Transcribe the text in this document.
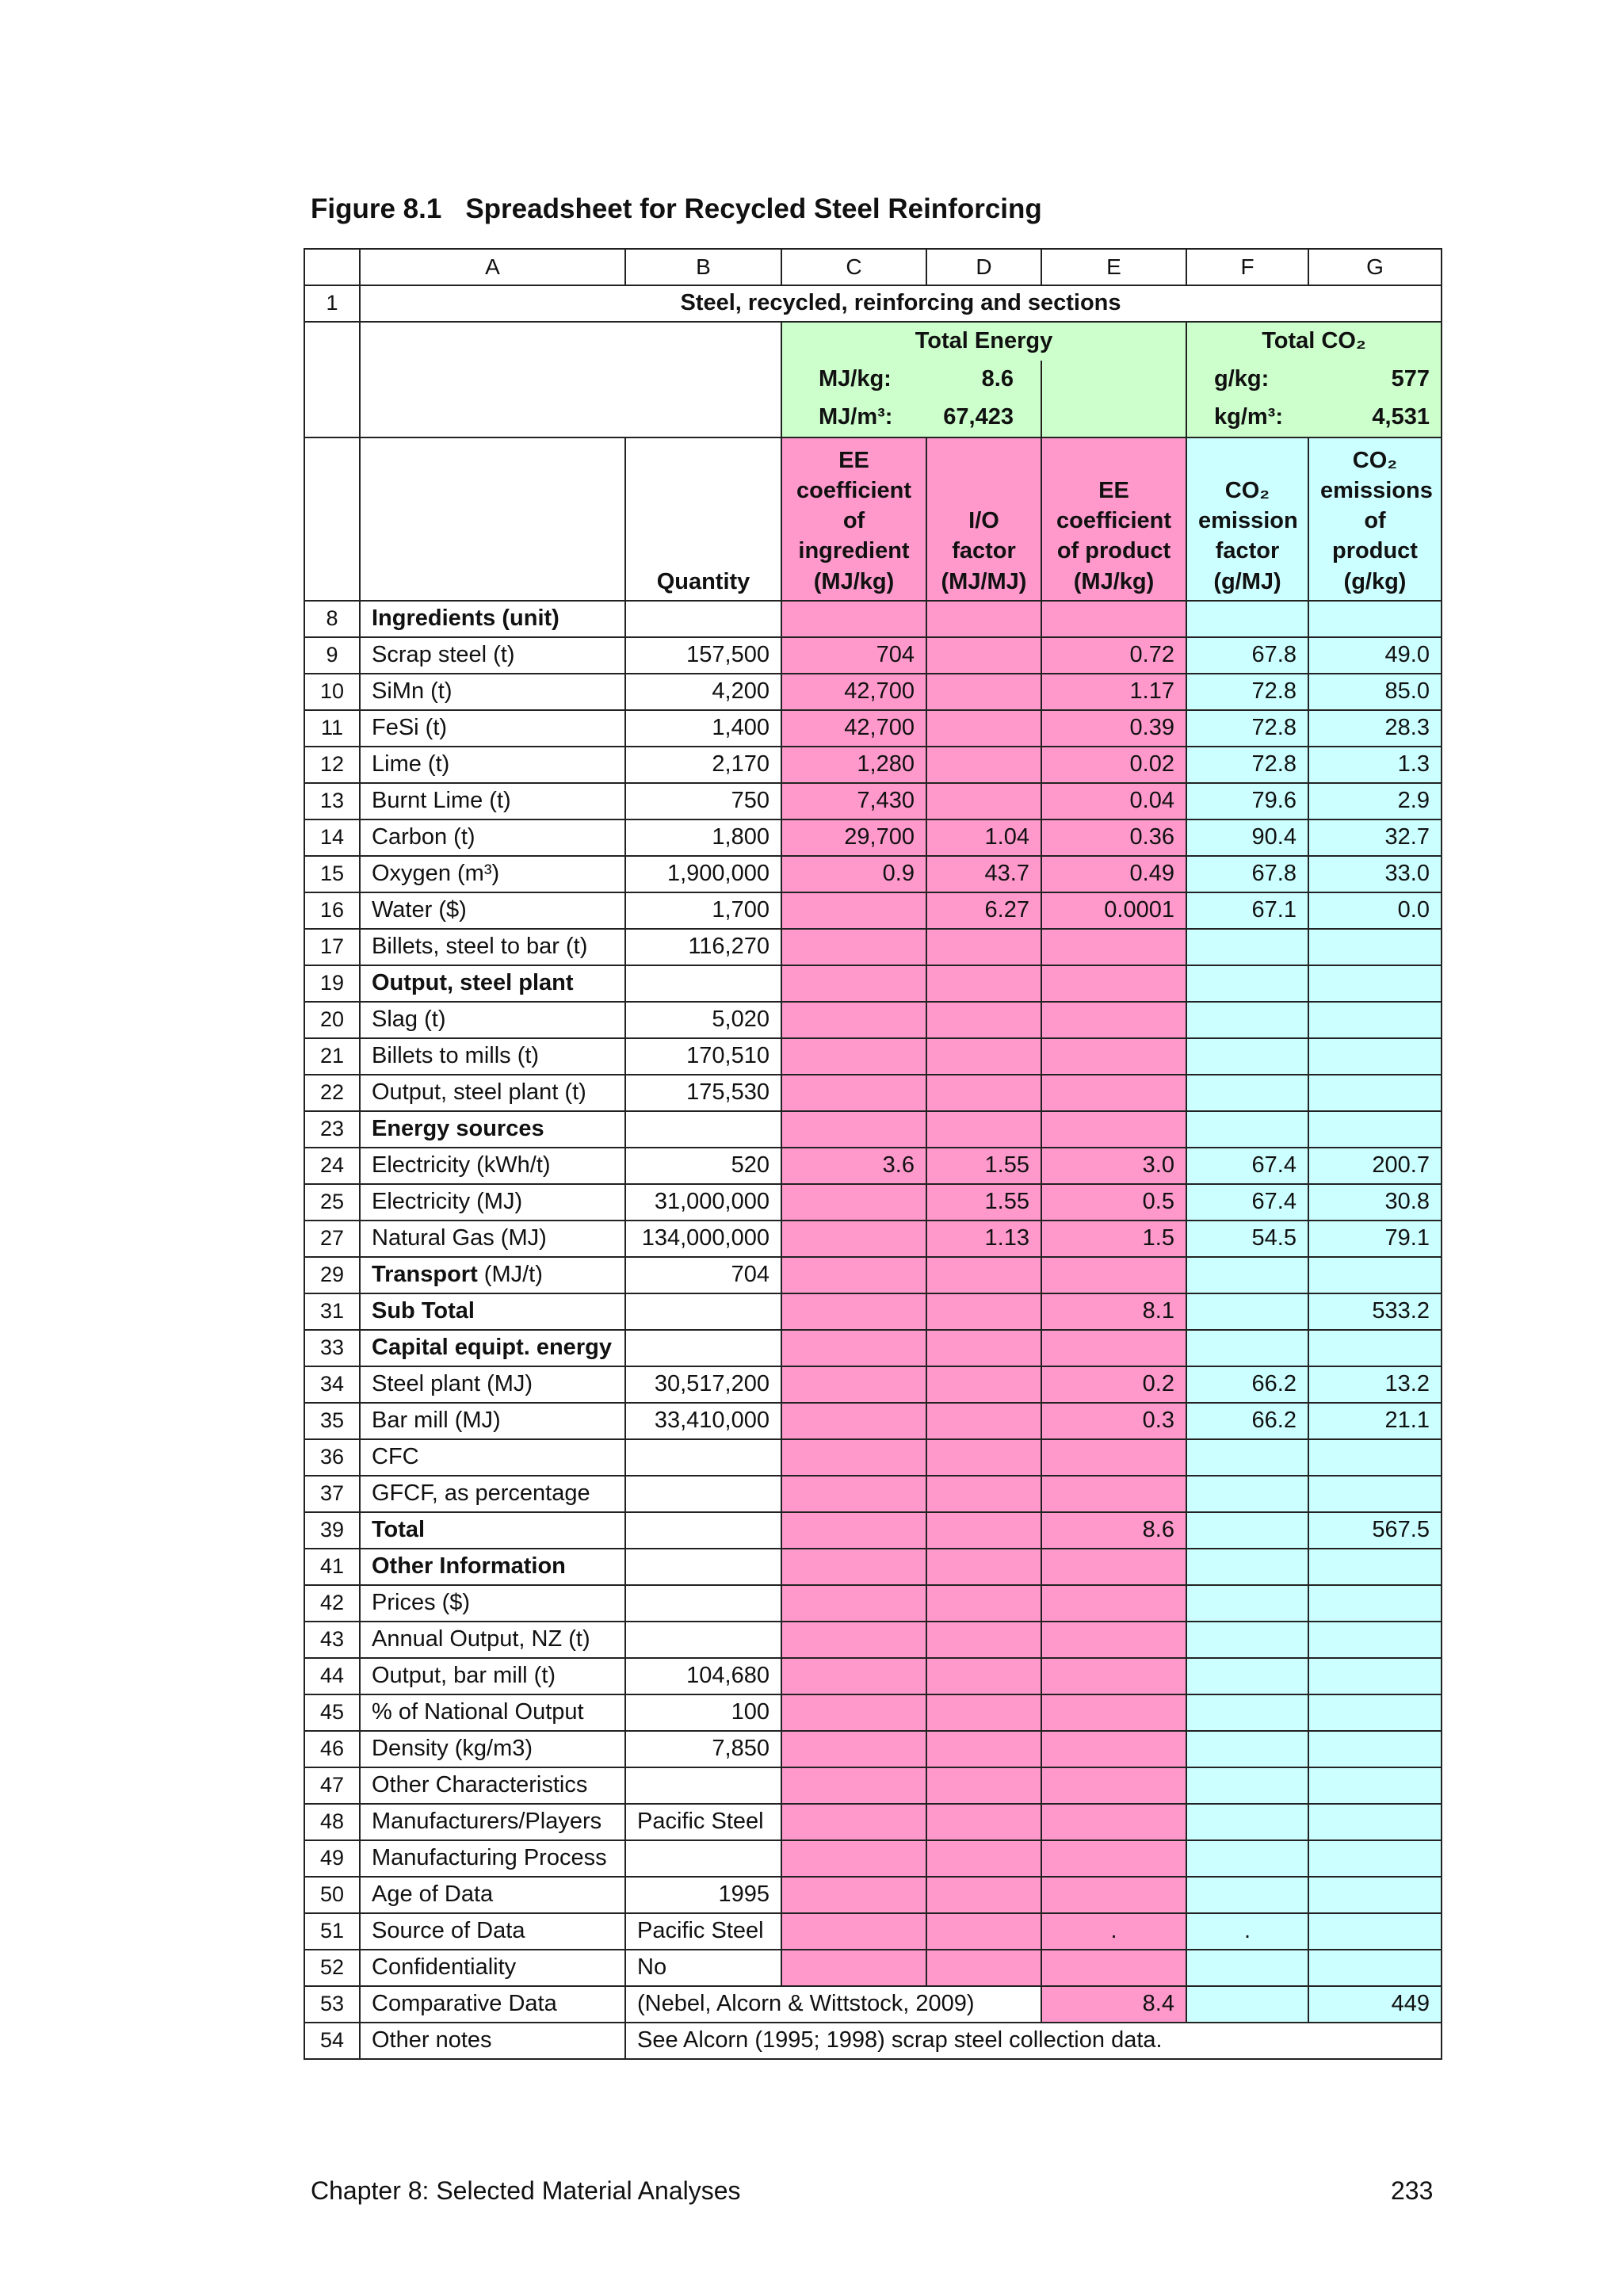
Figure 8.1 Spreadsheet for Recycled Steel Reinforcing
	A	B	C	D	E	F	G
1	Steel, recycled, reinforcing and sections						
			Total Energy			Total CO₂	

			MJ/kg: 8.6			g/kg: 577	

			MJ/m³: 67,423			kg/m³: 4,531	

		Quantity	EE coefficient of ingredient (MJ/kg)	I/O factor (MJ/MJ)	EE coefficient of product (MJ/kg)	CO₂ emission factor (g/MJ)	CO₂ emissions of product (g/kg)
8	Ingredients (unit)						
9	Scrap steel (t)	157,500	704		0.72	67.8	49.0
10	SiMn (t)	4,200	42,700		1.17	72.8	85.0
11	FeSi (t)	1,400	42,700		0.39	72.8	28.3
12	Lime (t)	2,170	1,280		0.02	72.8	1.3
13	Burnt Lime (t)	750	7,430		0.04	79.6	2.9
14	Carbon (t)	1,800	29,700	1.04	0.36	90.4	32.7
15	Oxygen (m³)	1,900,000	0.9	43.7	0.49	67.8	33.0
16	Water ($)	1,700		6.27	0.0001	67.1	0.0
17	Billets, steel to bar (t)	116,270					
19	Output, steel plant						
20	Slag (t)	5,020					
21	Billets to mills (t)	170,510					
22	Output, steel plant (t)	175,530					
23	Energy sources						
24	Electricity (kWh/t)	520	3.6	1.55	3.0	67.4	200.7
25	Electricity (MJ)	31,000,000		1.55	0.5	67.4	30.8
27	Natural Gas (MJ)	134,000,000		1.13	1.5	54.5	79.1
29	Transport (MJ/t)	704					
31	Sub Total				8.1		533.2
33	Capital equipt. energy						
34	Steel plant (MJ)	30,517,200			0.2	66.2	13.2
35	Bar mill (MJ)	33,410,000			0.3	66.2	21.1
36	CFC						
37	GFCF, as percentage						
39	Total				8.6		567.5
41	Other Information						
42	Prices ($)						
43	Annual Output, NZ (t)						
44	Output, bar mill (t)	104,680					
45	% of National Output	100					
46	Density (kg/m3)	7,850					
47	Other Characteristics						
48	Manufacturers/Players	Pacific Steel					
49	Manufacturing Process						
50	Age of Data	1995					
51	Source of Data	Pacific Steel			.	.	
52	Confidentiality	No					
53	Comparative Data	(Nebel, Alcorn & Wittstock, 2009)			8.4		449
54	Other notes	See Alcorn (1995; 1998) scrap steel collection data.					
Chapter 8: Selected Material Analyses	233
